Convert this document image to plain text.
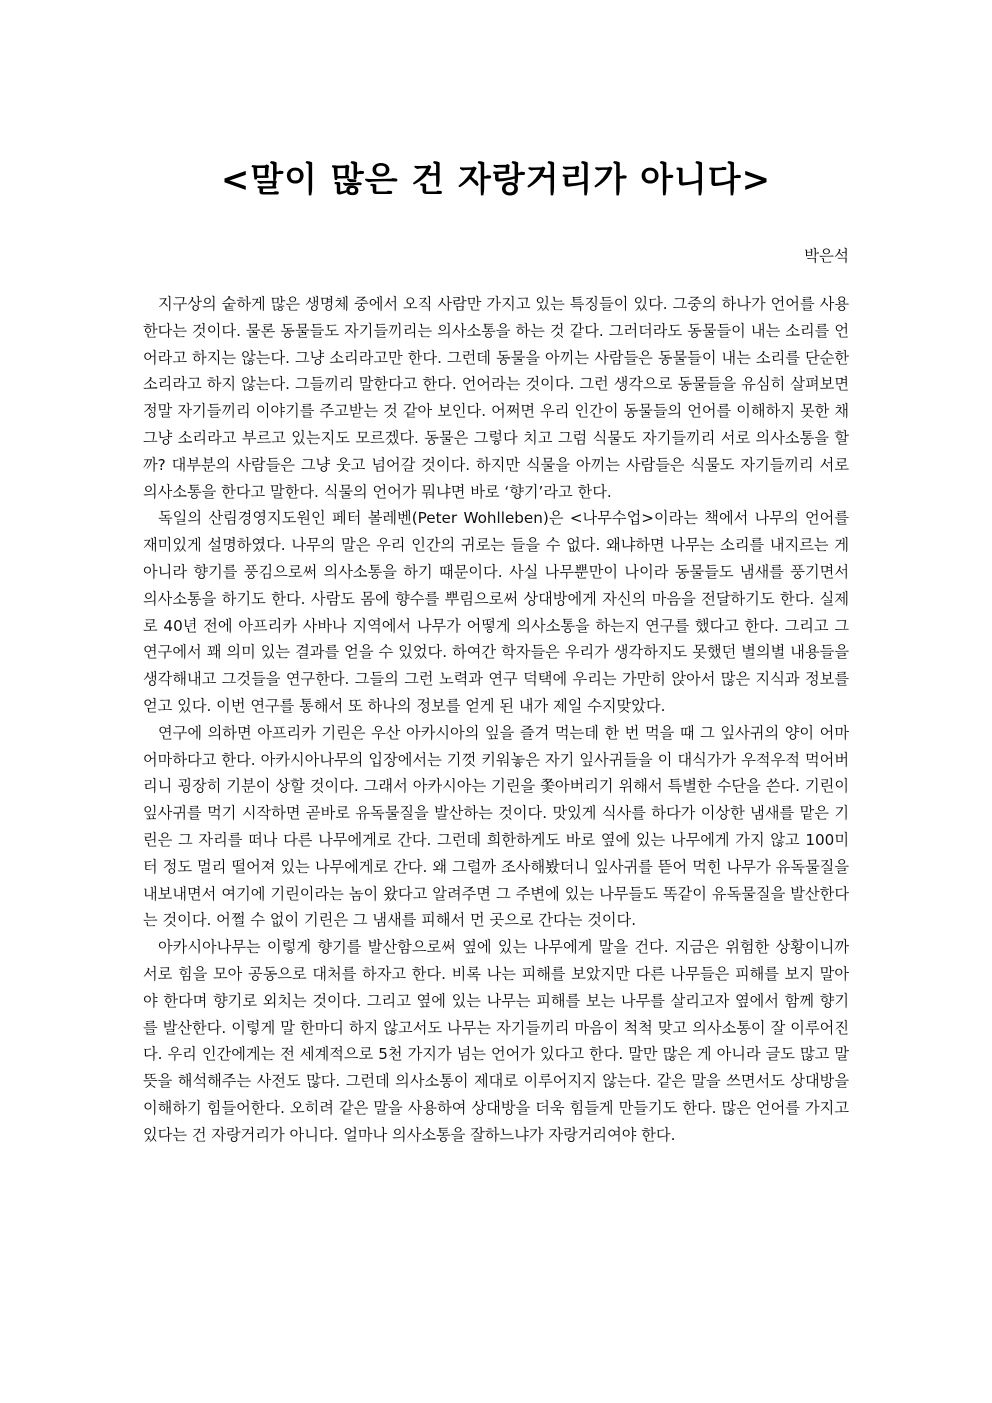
<말이 많은 건 자랑거리가 아니다>
박은석

지구상의 숱하게 많은 생명체 중에서 오직 사람만 가지고 있는 특징들이 있다. 그중의 하나가 언어를 사용한다는 것이다. 물론 동물들도 자기들끼리는 의사소통을 하는 것 같다. 그러더라도 동물들이 내는 소리를 언어라고 하지는 않는다. 그냥 소리라고만 한다. 그런데 동물을 아끼는 사람들은 동물들이 내는 소리를 단순한 소리라고 하지 않는다. 그들끼리 말한다고 한다. 언어라는 것이다. 그런 생각으로 동물들을 유심히 살펴보면 정말 자기들끼리 이야기를 주고받는 것 같아 보인다. 어쩌면 우리 인간이 동물들의 언어를 이해하지 못한 채 그냥 소리라고 부르고 있는지도 모르겠다. 동물은 그렇다 치고 그럼 식물도 자기들끼리 서로 의사소통을 할까? 대부분의 사람들은 그냥 웃고 넘어갈 것이다. 하지만 식물을 아끼는 사람들은 식물도 자기들끼리 서로 의사소통을 한다고 말한다. 식물의 언어가 뭐냐면 바로 ‘향기’라고 한다.

독일의 산림경영지도원인 페터 볼레벤(Peter Wohlleben)은 <나무수업>이라는 책에서 나무의 언어를 재미있게 설명하였다. 나무의 말은 우리 인간의 귀로는 들을 수 없다. 왜냐하면 나무는 소리를 내지르는 게 아니라 향기를 풍김으로써 의사소통을 하기 때문이다. 사실 나무뿐만이 나이라 동물들도 냄새를 풍기면서 의사소통을 하기도 한다. 사람도 몸에 향수를 뿌림으로써 상대방에게 자신의 마음을 전달하기도 한다. 실제로 40년 전에 아프리카 사바나 지역에서 나무가 어떻게 의사소통을 하는지 연구를 했다고 한다. 그리고 그 연구에서 꽤 의미 있는 결과를 얻을 수 있었다. 하여간 학자들은 우리가 생각하지도 못했던 별의별 내용들을 생각해내고 그것들을 연구한다. 그들의 그런 노력과 연구 덕택에 우리는 가만히 앉아서 많은 지식과 정보를 얻고 있다. 이번 연구를 통해서 또 하나의 정보를 얻게 된 내가 제일 수지맞았다.

연구에 의하면 아프리카 기린은 우산 아카시아의 잎을 즐겨 먹는데 한 번 먹을 때 그 잎사귀의 양이 어마어마하다고 한다. 아카시아나무의 입장에서는 기껏 키워놓은 자기 잎사귀들을 이 대식가가 우적우적 먹어버리니 굉장히 기분이 상할 것이다. 그래서 아카시아는 기린을 쫓아버리기 위해서 특별한 수단을 쓴다. 기린이 잎사귀를 먹기 시작하면 곧바로 유독물질을 발산하는 것이다. 맛있게 식사를 하다가 이상한 냄새를 맡은 기린은 그 자리를 떠나 다른 나무에게로 간다. 그런데 희한하게도 바로 옆에 있는 나무에게 가지 않고 100미터 정도 멀리 떨어져 있는 나무에게로 간다. 왜 그럴까 조사해봤더니 잎사귀를 뜯어 먹힌 나무가 유독물질을 내보내면서 여기에 기린이라는 놈이 왔다고 알려주면 그 주변에 있는 나무들도 똑같이 유독물질을 발산한다는 것이다. 어쩔 수 없이 기린은 그 냄새를 피해서 먼 곳으로 간다는 것이다.

아카시아나무는 이렇게 향기를 발산함으로써 옆에 있는 나무에게 말을 건다. 지금은 위험한 상황이니까 서로 힘을 모아 공동으로 대처를 하자고 한다. 비록 나는 피해를 보았지만 다른 나무들은 피해를 보지 말아야 한다며 향기로 외치는 것이다. 그리고 옆에 있는 나무는 피해를 보는 나무를 살리고자 옆에서 함께 향기를 발산한다. 이렇게 말 한마디 하지 않고서도 나무는 자기들끼리 마음이 척척 맞고 의사소통이 잘 이루어진다. 우리 인간에게는 전 세계적으로 5천 가지가 넘는 언어가 있다고 한다. 말만 많은 게 아니라 글도 많고 말뜻을 해석해주는 사전도 많다. 그런데 의사소통이 제대로 이루어지지 않는다. 같은 말을 쓰면서도 상대방을 이해하기 힘들어한다. 오히려 같은 말을 사용하여 상대방을 더욱 힘들게 만들기도 한다. 많은 언어를 가지고 있다는 건 자랑거리가 아니다. 얼마나 의사소통을 잘하느냐가 자랑거리여야 한다.
